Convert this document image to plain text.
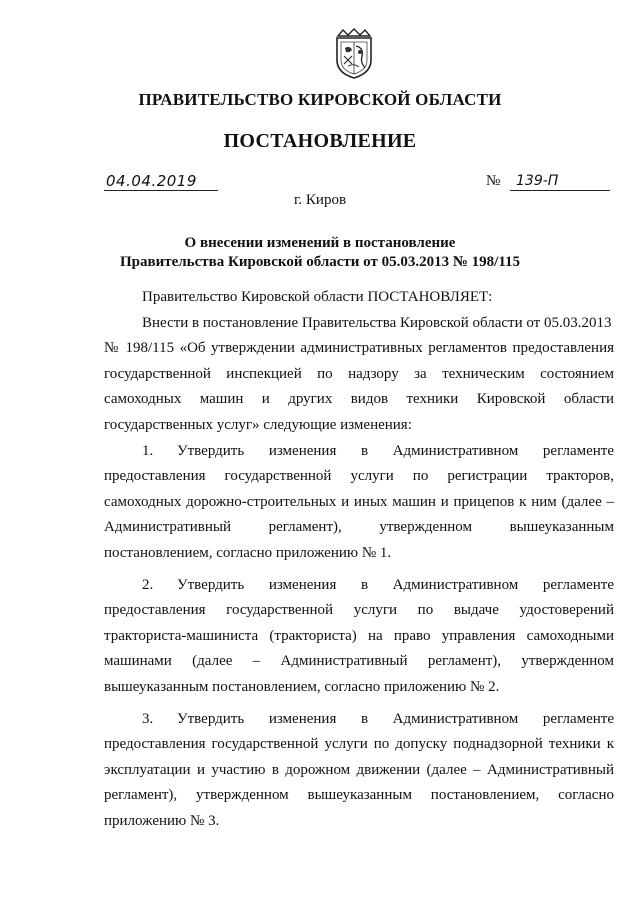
ПРАВИТЕЛЬСТВО КИРОВСКОЙ ОБЛАСТИ
ПОСТАНОВЛЕНИЕ
04.04.2019	№ 139-П
г. Киров
О внесении изменений в постановление
Правительства Кировской области от 05.03.2013 № 198/115
Правительство Кировской области ПОСТАНОВЛЯЕТ:
Внести в постановление Правительства Кировской области от 05.03.2013
№ 198/115 «Об утверждении административных регламентов предоставления
государственной инспекцией по надзору за техническим состоянием
самоходных машин и других видов техники Кировской области
государственных услуг» следующие изменения:
1.	Утвердить изменения в Административном регламенте
предоставления государственной услуги по регистрации тракторов,
самоходных дорожно-строительных и иных машин и прицепов к ним (далее –
Административный регламент), утвержденном вышеуказанным
постановлением, согласно приложению № 1.
2.	Утвердить изменения в Административном регламенте
предоставления государственной услуги по выдаче удостоверений
тракториста-машиниста (тракториста) на право управления самоходными
машинами (далее – Административный регламент), утвержденном
вышеуказанным постановлением, согласно приложению № 2.
3.	Утвердить изменения в Административном регламенте
предоставления государственной услуги по допуску поднадзорной техники к
эксплуатации и участию в дорожном движении (далее – Административный
регламент), утвержденном вышеуказанным постановлением, согласно
приложению № 3.
